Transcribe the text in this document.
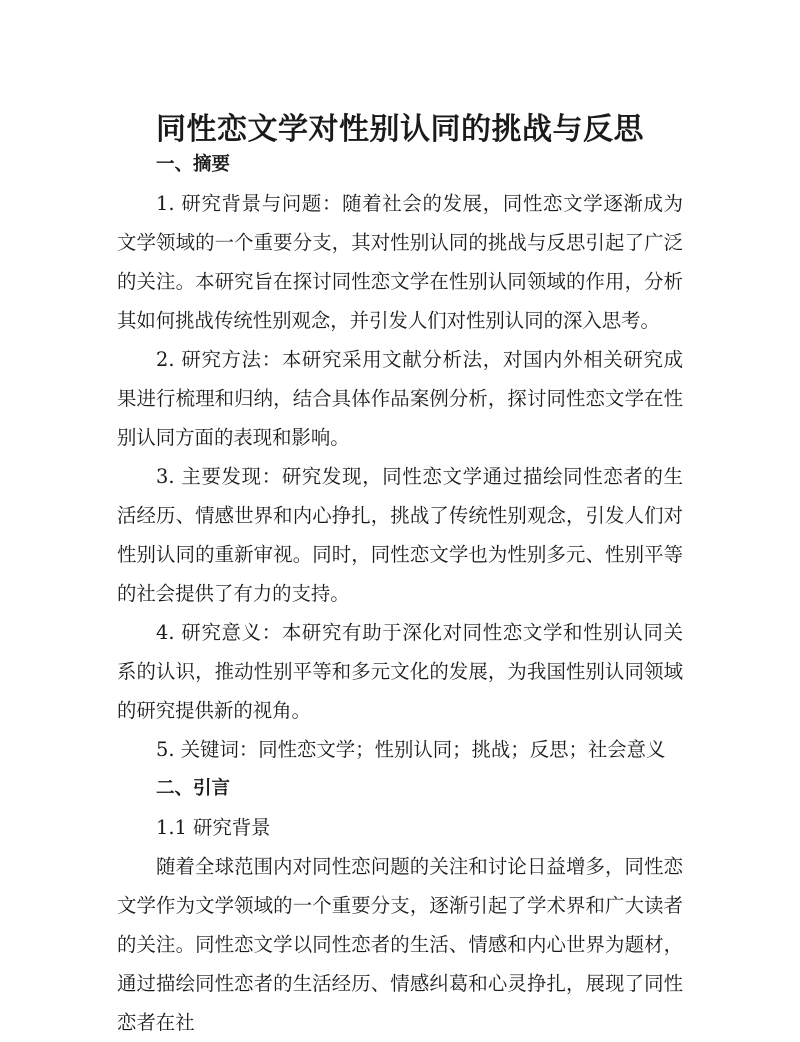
同性恋文学对性别认同的挑战与反思

一、摘要

1. 研究背景与问题：随着社会的发展，同性恋文学逐渐成为文学领域的一个重要分支，其对性别认同的挑战与反思引起了广泛的关注。本研究旨在探讨同性恋文学在性别认同领域的作用，分析其如何挑战传统性别观念，并引发人们对性别认同的深入思考。

2. 研究方法：本研究采用文献分析法，对国内外相关研究成果进行梳理和归纳，结合具体作品案例分析，探讨同性恋文学在性别认同方面的表现和影响。

3. 主要发现：研究发现，同性恋文学通过描绘同性恋者的生活经历、情感世界和内心挣扎，挑战了传统性别观念，引发人们对性别认同的重新审视。同时，同性恋文学也为性别多元、性别平等的社会提供了有力的支持。

4. 研究意义：本研究有助于深化对同性恋文学和性别认同关系的认识，推动性别平等和多元文化的发展，为我国性别认同领域的研究提供新的视角。

5. 关键词：同性恋文学；性别认同；挑战；反思；社会意义

二、引言

1.1 研究背景

随着全球范围内对同性恋问题的关注和讨论日益增多，同性恋文学作为文学领域的一个重要分支，逐渐引起了学术界和广大读者的关注。同性恋文学以同性恋者的生活、情感和内心世界为题材，通过描绘同性恋者的生活经历、情感纠葛和心灵挣扎，展现了同性恋者在社
